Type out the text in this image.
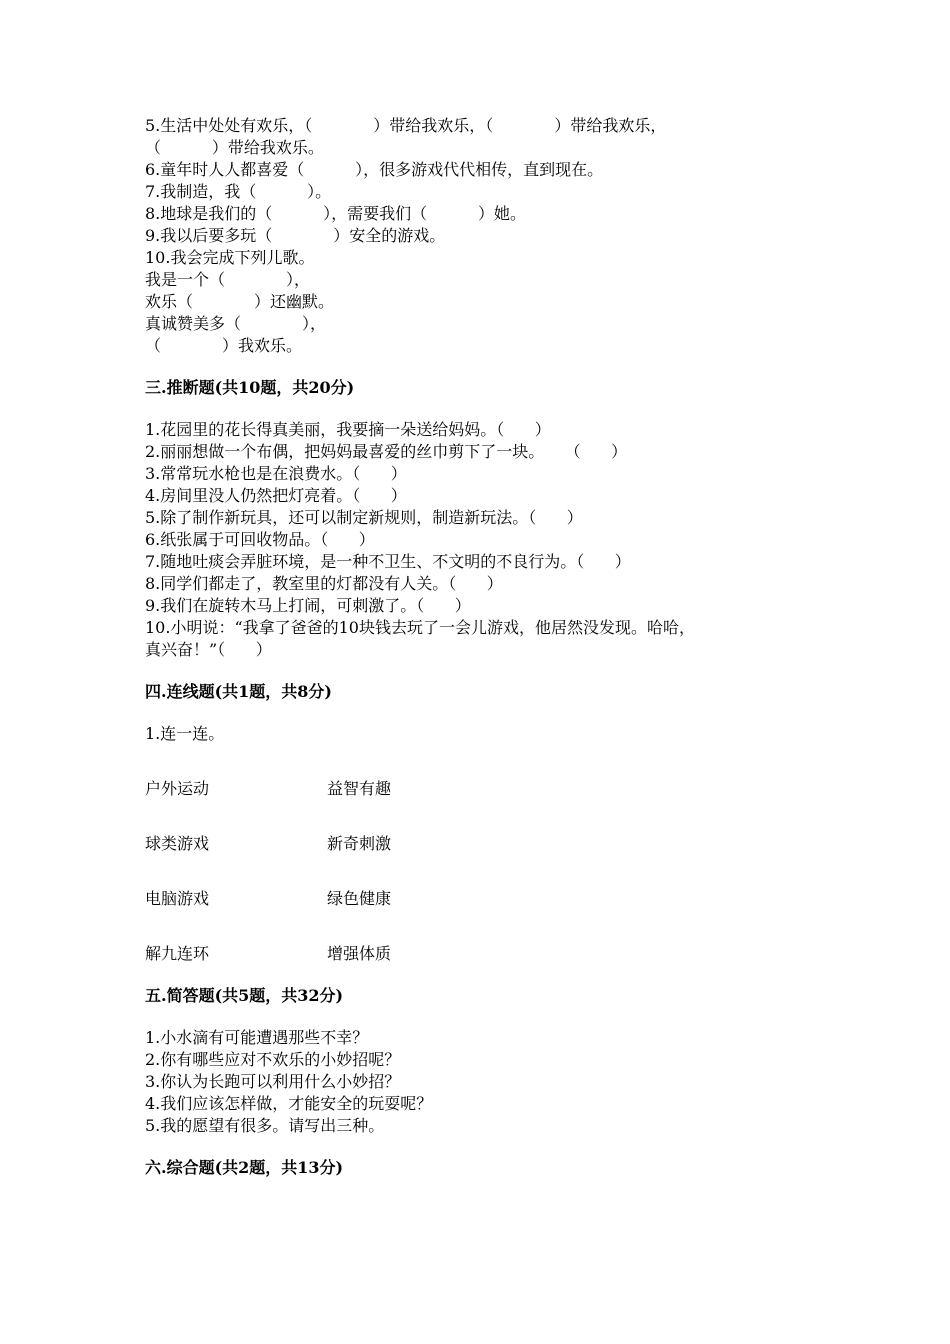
5.生活中处处有欢乐，（            ）带给我欢乐，（            ）带给我欢乐，

（          ）带给我欢乐。

6.童年时人人都喜爱（          ），很多游戏代代相传，直到现在。

7.我制造，我（          ）。

8.地球是我们的（          ），需要我们（          ）她。

9.我以后要多玩（            ）安全的游戏。

10.我会完成下列儿歌。

我是一个（            ），

欢乐（            ）还幽默。

真诚赞美多（            ），

（            ）我欢乐。

三.推断题(共10题，共20分)

1.花园里的花长得真美丽，我要摘一朵送给妈妈。（      ）

2.丽丽想做一个布偶，把妈妈最喜爱的丝巾剪下了一块。    （      ）

3.常常玩水枪也是在浪费水。（      ）

4.房间里没人仍然把灯亮着。（      ）

5.除了制作新玩具，还可以制定新规则，制造新玩法。（      ）

6.纸张属于可回收物品。（      ）

7.随地吐痰会弄脏环境，是一种不卫生、不文明的不良行为。（      ）

8.同学们都走了，教室里的灯都没有人关。（      ）

9.我们在旋转木马上打闹，可刺激了。（      ）

10.小明说：“我拿了爸爸的10块钱去玩了一会儿游戏，他居然没发现。哈哈，

真兴奋！”（      ）

四.连线题(共1题，共8分)

1.连一连。

户外运动	益智有趣
球类游戏	新奇刺激
电脑游戏	绿色健康
解九连环	增强体质

五.简答题(共5题，共32分)

1.小水滴有可能遭遇那些不幸？

2.你有哪些应对不欢乐的小妙招呢？

3.你认为长跑可以利用什么小妙招？

4.我们应该怎样做，才能安全的玩耍呢？

5.我的愿望有很多。请写出三种。

六.综合题(共2题，共13分)
